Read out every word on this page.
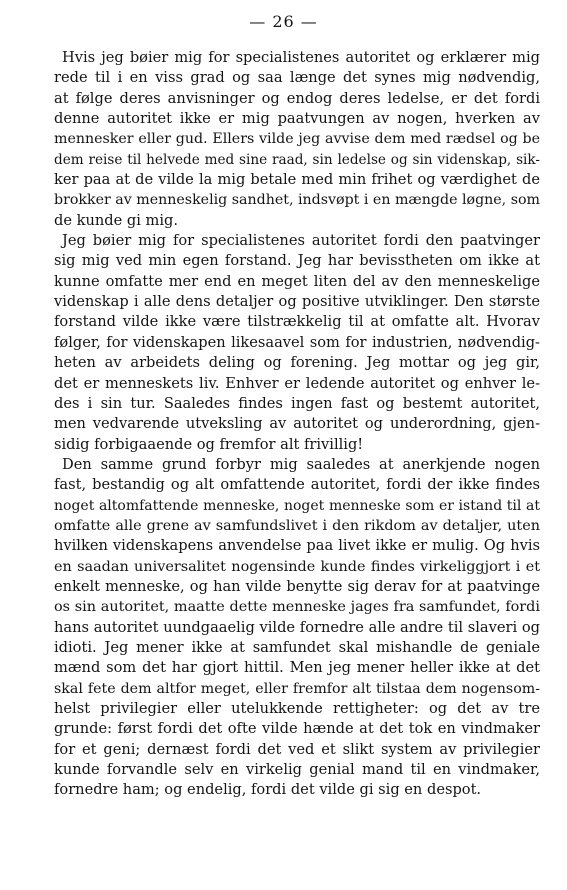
— 26 —
Hvis jeg bøier mig for specialistenes autoritet og erklærer mig
rede til i en viss grad og saa længe det synes mig nødvendig,
at følge deres anvisninger og endog deres ledelse, er det fordi
denne autoritet ikke er mig paatvungen av nogen, hverken av
mennesker eller gud. Ellers vilde jeg avvise dem med rædsel og be
dem reise til helvede med sine raad, sin ledelse og sin videnskap, sik-
ker paa at de vilde la mig betale med min frihet og værdighet de
brokker av menneskelig sandhet, indsvøpt i en mængde løgne, som
de kunde gi mig.
Jeg bøier mig for specialistenes autoritet fordi den paatvinger
sig mig ved min egen forstand. Jeg har bevisstheten om ikke at
kunne omfatte mer end en meget liten del av den menneskelige
videnskap i alle dens detaljer og positive utviklinger. Den største
forstand vilde ikke være tilstrækkelig til at omfatte alt. Hvorav
følger, for videnskapen likesaavel som for industrien, nødvendig-
heten av arbeidets deling og forening. Jeg mottar og jeg gir,
det er menneskets liv. Enhver er ledende autoritet og enhver le-
des i sin tur. Saaledes findes ingen fast og bestemt autoritet,
men vedvarende utveksling av autoritet og underordning, gjen-
sidig forbigaaende og fremfor alt frivillig!
Den samme grund forbyr mig saaledes at anerkjende nogen
fast, bestandig og alt omfattende autoritet, fordi der ikke findes
noget altomfattende menneske, noget menneske som er istand til at
omfatte alle grene av samfundslivet i den rikdom av detaljer, uten
hvilken videnskapens anvendelse paa livet ikke er mulig. Og hvis
en saadan universalitet nogensinde kunde findes virkeliggjort i et
enkelt menneske, og han vilde benytte sig derav for at paatvinge
os sin autoritet, maatte dette menneske jages fra samfundet, fordi
hans autoritet uundgaaelig vilde fornedre alle andre til slaveri og
idioti. Jeg mener ikke at samfundet skal mishandle de geniale
mænd som det har gjort hittil. Men jeg mener heller ikke at det
skal fete dem altfor meget, eller fremfor alt tilstaa dem nogensom-
helst privilegier eller utelukkende rettigheter: og det av tre
grunde: først fordi det ofte vilde hænde at det tok en vindmaker
for et geni; dernæst fordi det ved et slikt system av privilegier
kunde forvandle selv en virkelig genial mand til en vindmaker,
fornedre ham; og endelig, fordi det vilde gi sig en despot.
